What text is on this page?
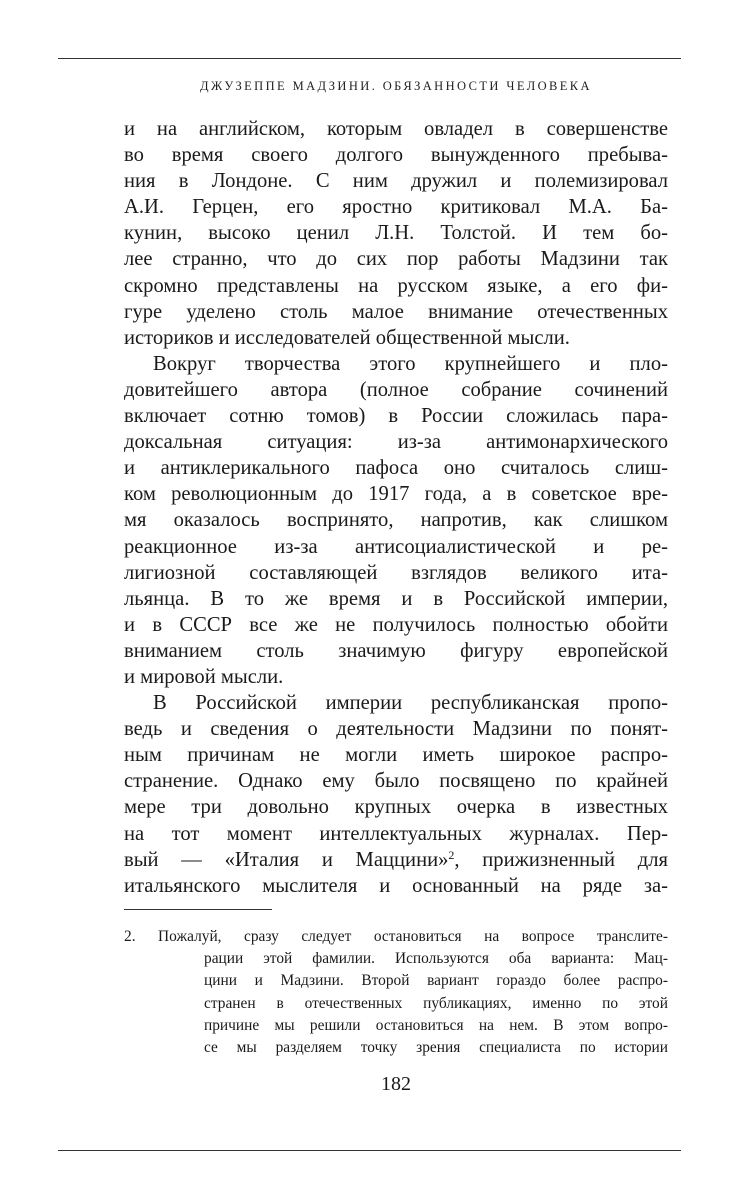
ДЖУЗЕППЕ МАДЗИНИ. ОБЯЗАННОСТИ ЧЕЛОВЕКА
и на английском, которым овладел в совершенстве
во время своего долгого вынужденного пребыва-
ния в Лондоне. С ним дружил и полемизировал
А.И. Герцен, его яростно критиковал М.А. Ба-
кунин, высоко ценил Л.Н. Толстой. И тем бо-
лее странно, что до сих пор работы Мадзини так
скромно представлены на русском языке, а его фи-
гуре уделено столь малое внимание отечественных
историков и исследователей общественной мысли.
Вокруг творчества этого крупнейшего и пло-
довитейшего автора (полное собрание сочинений
включает сотню томов) в России сложилась пара-
доксальная ситуация: из-за антимонархического
и антиклерикального пафоса оно считалось слиш-
ком революционным до 1917 года, а в советское вре-
мя оказалось воспринято, напротив, как слишком
реакционное из-за антисоциалистической и ре-
лигиозной составляющей взглядов великого ита-
льянца. В то же время и в Российской империи,
и в СССР все же не получилось полностью обойти
вниманием столь значимую фигуру европейской
и мировой мысли.
В Российской империи республиканская пропо-
ведь и сведения о деятельности Мадзини по понят-
ным причинам не могли иметь широкое распро-
странение. Однако ему было посвящено по крайней
мере три довольно крупных очерка в известных
на тот момент интеллектуальных журналах. Пер-
вый — «Италия и Маццини»$^2$, прижизненный для
итальянского мыслителя и основанный на ряде за-
2. Пожалуй, сразу следует остановиться на вопросе транслите-
рации этой фамилии. Используются оба варианта: Мац-
цини и Мадзини. Второй вариант гораздо более распро-
странен в отечественных публикациях, именно по этой
причине мы решили остановиться на нем. В этом вопро-
се мы разделяем точку зрения специалиста по истории
182
